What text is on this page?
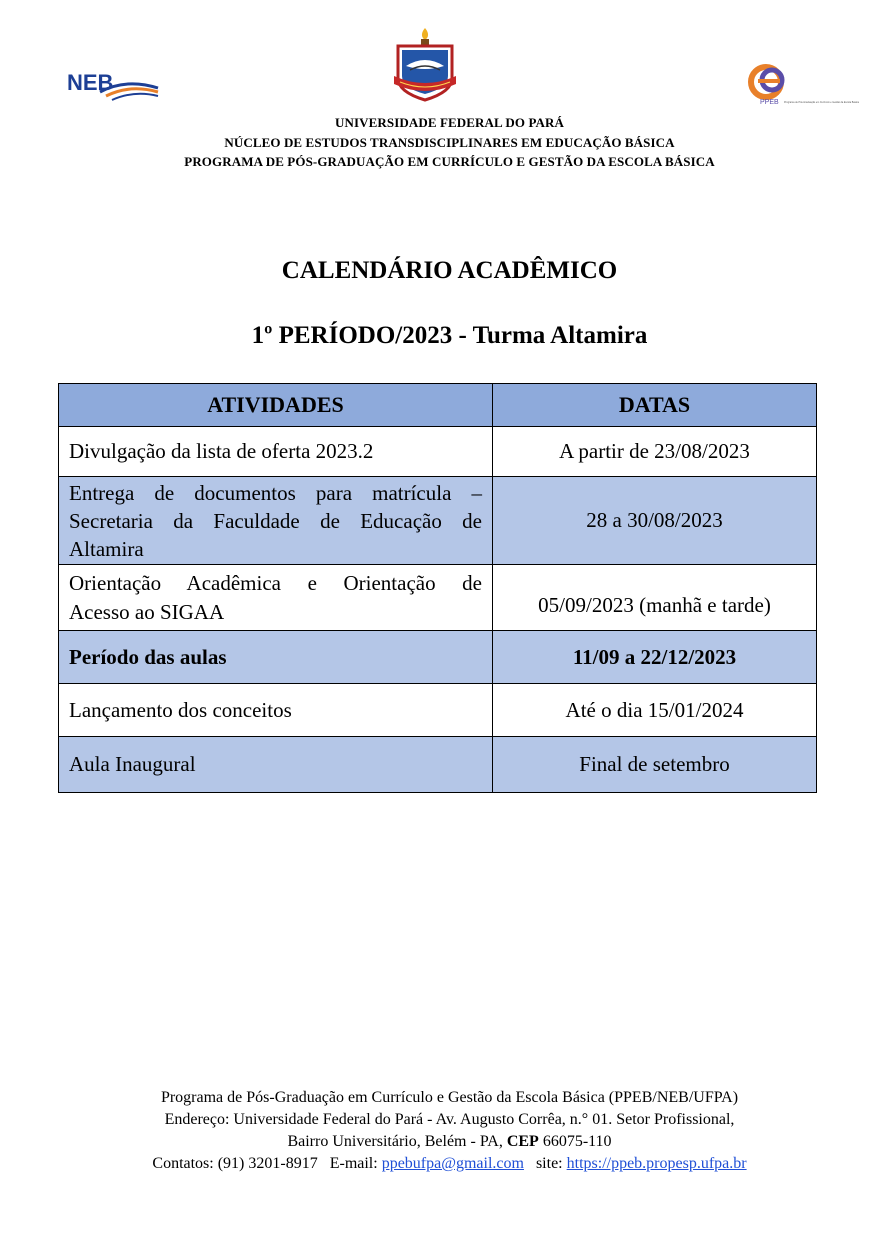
NEB
PPEB Programa de Pós-Graduação em Currículo e Gestão da Escola Básica
UNIVERSIDADE FEDERAL DO PARÁ
NÚCLEO DE ESTUDOS TRANSDISCIPLINARES EM EDUCAÇÃO BÁSICA
PROGRAMA DE PÓS-GRADUAÇÃO EM CURRÍCULO E GESTÃO DA ESCOLA BÁSICA
CALENDÁRIO ACADÊMICO
1º PERÍODO/2023 - Turma Altamira
ATIVIDADES	DATAS
Divulgação da lista de oferta 2023.2	A partir de 23/08/2023

Entrega de documentos para matrícula –
Secretaria da Faculdade de Educação de
Altamira	28 a 30/08/2023

Orientação Acadêmica e Orientação de
Acesso ao SIGAA	05/09/2023 (manhã e tarde)
Período das aulas	11/09 a 22/12/2023
Lançamento dos conceitos	Até o dia 15/01/2024
Aula Inaugural	Final de setembro
Programa de Pós-Graduação em Currículo e Gestão da Escola Básica (PPEB/NEB/UFPA)
Endereço: Universidade Federal do Pará - Av. Augusto Corrêa, n.° 01. Setor Profissional,
Bairro Universitário, Belém - PA, CEP 66075-110
Contatos: (91) 3201-8917   E-mail: ppebufpa@gmail.com   site: https://ppeb.propesp.ufpa.br
